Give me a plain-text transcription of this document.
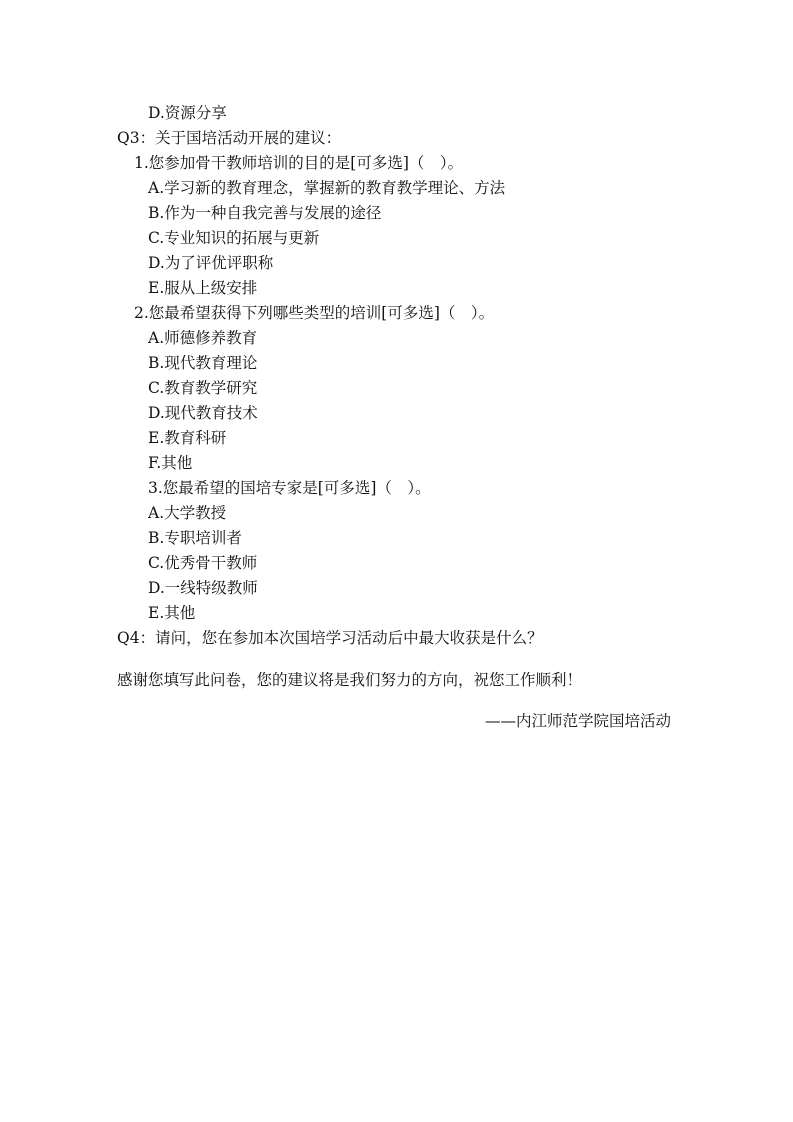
D.资源分享
Q3：关于国培活动开展的建议：
1.您参加骨干教师培训的目的是[可多选]（　）。
A.学习新的教育理念，掌握新的教育教学理论、方法
B.作为一种自我完善与发展的途径
C.专业知识的拓展与更新
D.为了评优评职称
E.服从上级安排
2.您最希望获得下列哪些类型的培训[可多选]（　）。
A.师德修养教育
B.现代教育理论
C.教育教学研究
D.现代教育技术
E.教育科研
F.其他
3.您最希望的国培专家是[可多选]（　）。
A.大学教授
B.专职培训者
C.优秀骨干教师
D.一线特级教师
E.其他
Q4：请问，您在参加本次国培学习活动后中最大收获是什么？
感谢您填写此问卷，您的建议将是我们努力的方向，祝您工作顺利！
——内江师范学院国培活动
